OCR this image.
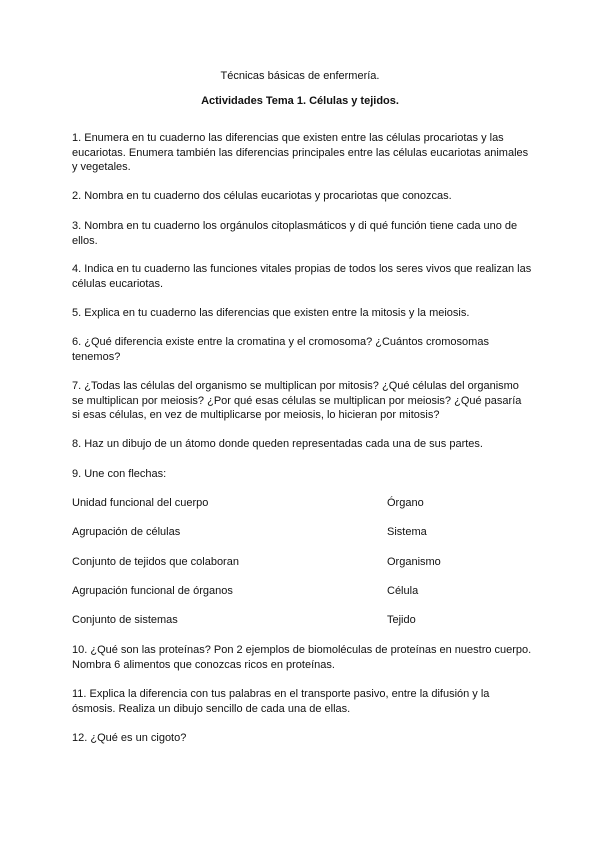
Técnicas básicas de enfermería.
Actividades Tema 1. Células y tejidos.
1. Enumera en tu cuaderno las diferencias que existen entre las células procariotas y las eucariotas. Enumera también las diferencias principales entre las células eucariotas animales y vegetales.
2. Nombra en tu cuaderno dos células eucariotas y procariotas que conozcas.
3. Nombra en tu cuaderno los orgánulos citoplasmáticos y di qué función tiene cada uno de ellos.
4. Indica en tu cuaderno las funciones vitales propias de todos los seres vivos que realizan las células eucariotas.
5. Explica en tu cuaderno las diferencias que existen entre la mitosis y la meiosis.
6. ¿Qué diferencia existe entre la cromatina y el cromosoma? ¿Cuántos cromosomas tenemos?
7. ¿Todas las células del organismo se multiplican por mitosis? ¿Qué células del organismo se multiplican por meiosis? ¿Por qué esas células se multiplican por meiosis? ¿Qué pasaría si esas células, en vez de multiplicarse por meiosis, lo hicieran por mitosis?
8. Haz un dibujo de un átomo donde queden representadas cada una de sus partes.
9. Une con flechas:
Unidad funcional del cuerpo	Órgano
Agrupación de células	Sistema
Conjunto de tejidos que colaboran	Organismo
Agrupación funcional de órganos	Célula
Conjunto de sistemas	Tejido
10. ¿Qué son las proteínas? Pon 2 ejemplos de biomoléculas de proteínas en nuestro cuerpo. Nombra 6 alimentos que conozcas ricos en proteínas.
11. Explica la diferencia con tus palabras en el transporte pasivo, entre la difusión y la ósmosis. Realiza un dibujo sencillo de cada una de ellas.
12. ¿Qué es un cigoto?
